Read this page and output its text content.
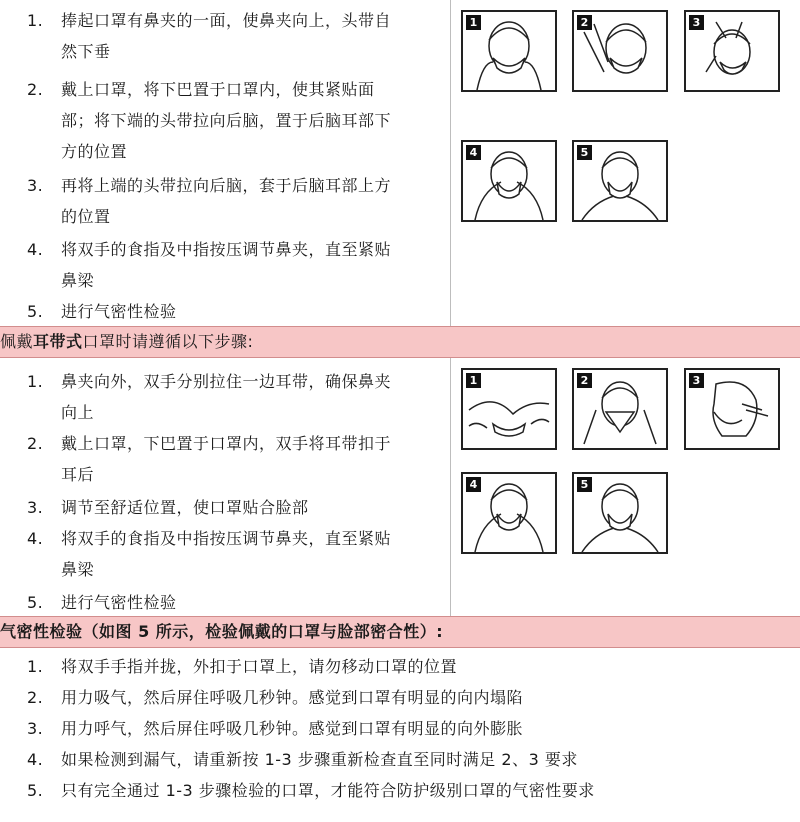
1.	捧起口罩有鼻夹的一面，使鼻夹向上，头带自
然下垂
2.	戴上口罩，将下巴置于口罩内，使其紧贴面
部；将下端的头带拉向后脑，置于后脑耳部下
方的位置
3.	再将上端的头带拉向后脑，套于后脑耳部上方
的位置
4.	将双手的食指及中指按压调节鼻夹，直至紧贴
鼻梁
5.	进行气密性检验
1	2	3
4	5
佩戴耳带式口罩时请遵循以下步骤:
1.	鼻夹向外，双手分别拉住一边耳带，确保鼻夹
向上
2.	戴上口罩，下巴置于口罩内，双手将耳带扣于
耳后
3.	调节至舒适位置，使口罩贴合脸部
4.	将双手的食指及中指按压调节鼻夹，直至紧贴
鼻梁
5.	进行气密性检验
1	2	3
4	5
气密性检验（如图 5 所示，检验佩戴的口罩与脸部密合性）:
1.	将双手手指并拢，外扣于口罩上，请勿移动口罩的位置
2.	用力吸气，然后屏住呼吸几秒钟。感觉到口罩有明显的向内塌陷
3.	用力呼气，然后屏住呼吸几秒钟。感觉到口罩有明显的向外膨胀
4.	如果检测到漏气，请重新按 1-3 步骤重新检查直至同时满足 2、3 要求
5.	只有完全通过 1-3 步骤检验的口罩，才能符合防护级别口罩的气密性要求
